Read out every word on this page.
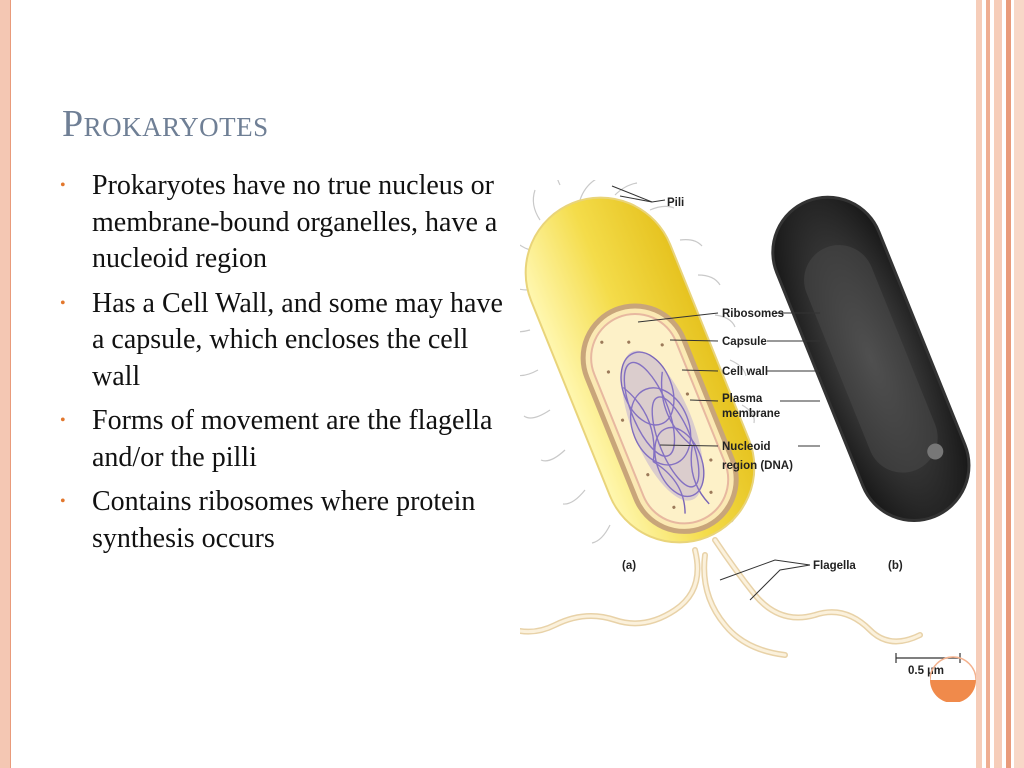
Prokaryotes
• Prokaryotes have no true nucleus or membrane-bound organelles, have a nucleoid region
• Has a Cell Wall, and some may have a capsule, which encloses the cell wall
• Forms of movement are the flagella and/or the pilli
• Contains ribosomes where protein synthesis occurs
Pili
Ribosomes
Capsule
Cell wall
Plasma
membrane
Nucleoid
region (DNA)
Flagella
(a)	(b)
0.5 µm
